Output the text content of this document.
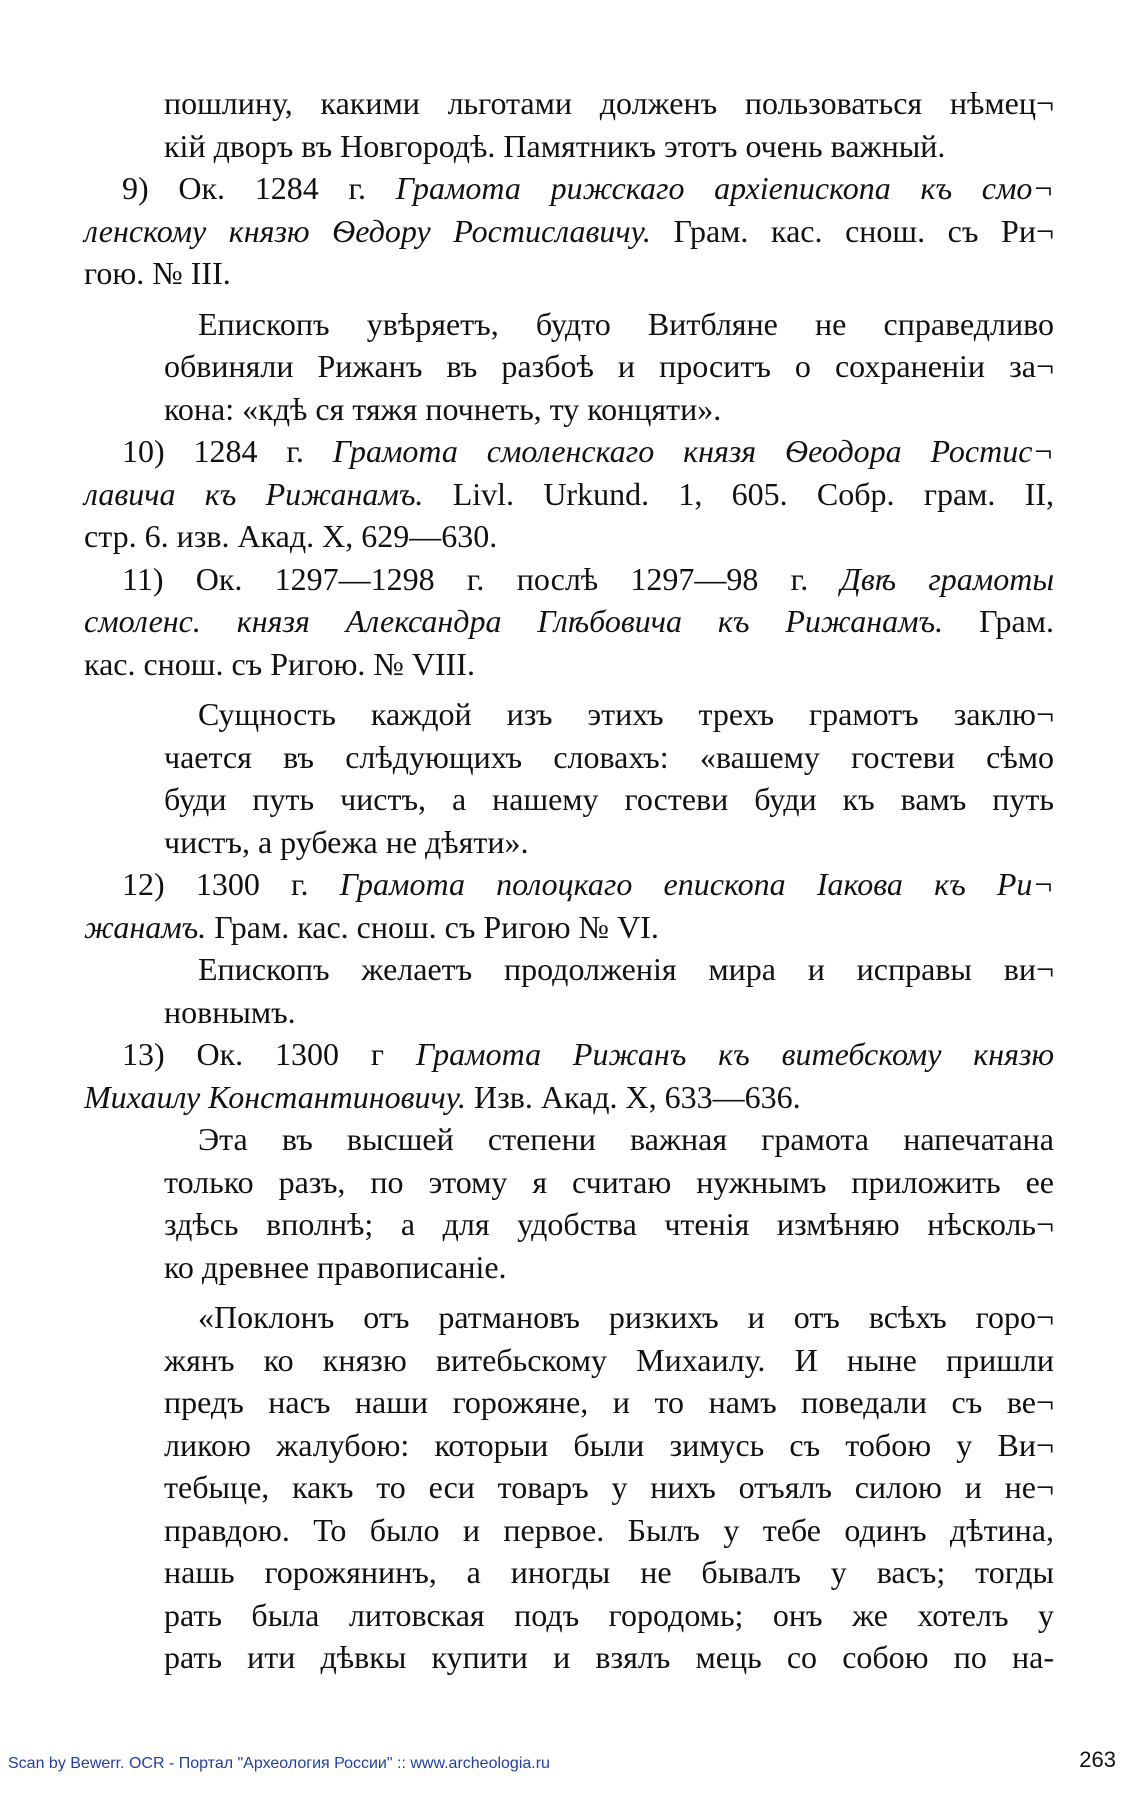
пошлину, какими льготами долженъ пользоваться нѣмец¬
кій дворъ въ Новгородѣ. Памятникъ этотъ очень важный.
9) Ок. 1284 г. Грамота рижскаго архіепископа къ смо¬
ленскому князю Ѳедору Ростиславичу. Грам. кас. снош. съ Ри¬
гою. № III.
Епископъ увѣряетъ, будто Витбляне не справедливо
обвиняли Рижанъ въ разбоѣ и проситъ о сохраненіи за¬
кона: «кдѣ ся тяжя почнеть, ту концяти».
10) 1284 г. Грамота смоленскаго князя Ѳеодора Ростис¬
лавича къ Рижанамъ. Livl. Urkund. 1, 605. Собр. грам. II,
стр. 6. изв. Акад. X, 629—630.
11) Ок. 1297—1298 г. послѣ 1297—98 г. Двѣ грамоты
смоленс. князя Александра Глѣбовича къ Рижанамъ. Грам.
кас. снош. съ Ригою. № VIII.
Сущность каждой изъ этихъ трехъ грамотъ заклю¬
чается въ слѣдующихъ словахъ: «вашему гостеви сѣмо
буди путь чистъ, а нашему гостеви буди къ вамъ путь
чистъ, а рубежа не дѣяти».
12) 1300 г. Грамота полоцкаго епископа Іакова къ Ри¬
жанамъ. Грам. кас. снош. съ Ригою № VI.
Епископъ желаетъ продолженія мира и исправы ви¬
новнымъ.
13) Ок. 1300 г Грамота Рижанъ къ витебскому князю
Михаилу Константиновичу. Изв. Акад. X, 633—636.
Эта въ высшей степени важная грамота напечатана
только разъ, по этому я считаю нужнымъ приложить ее
здѣсь вполнѣ; а для удобства чтенія измѣняю нѣсколь¬
ко древнее правописаніе.
«Поклонъ отъ ратмановъ ризкихъ и отъ всѣхъ горо¬
жянъ ко князю витебьскому Михаилу. И ныне пришли
предъ насъ наши горожяне, и то намъ поведали съ ве¬
ликою жалубою: которыи были зимусь съ тобою у Ви¬
тебыце, какъ то еси товаръ у нихъ отъялъ силою и не¬
правдою. То было и первое. Былъ у тебе одинъ дѣтина,
нашь горожянинъ, а иногды не бывалъ у васъ; тогды
рать была литовская подъ городомь; онъ же хотелъ у
рать ити дѣвкы купити и взялъ мець со собою по на-
Scan by Bewerr. OCR - Портал "Археология России" :: www.archeologia.ru	263
